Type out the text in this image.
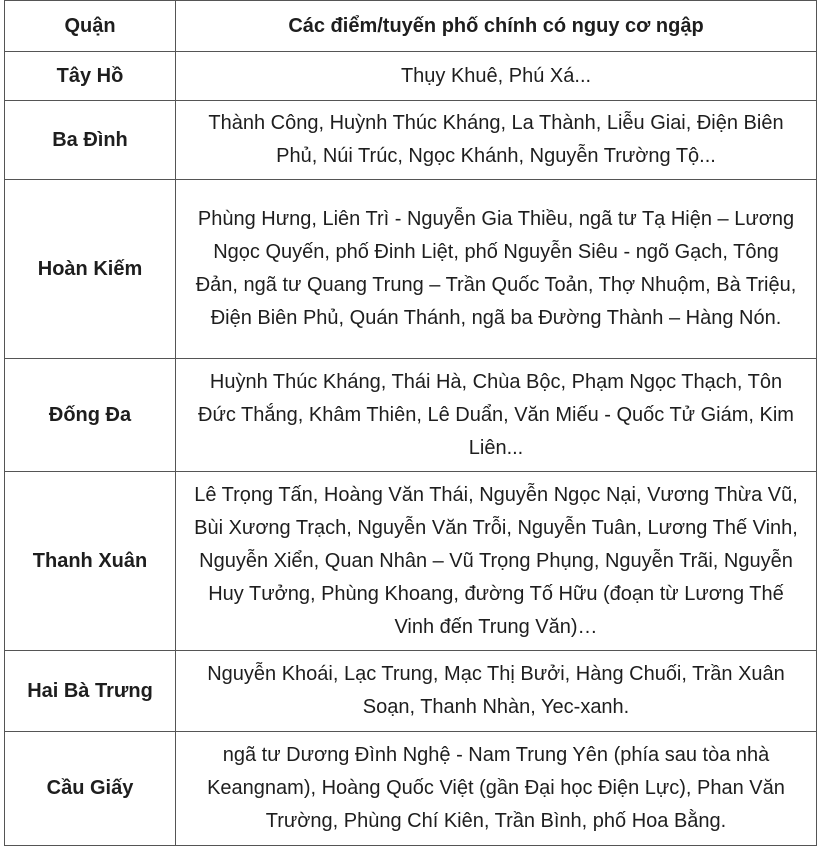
Quận	Các điểm/tuyến phố chính có nguy cơ ngập
Tây Hồ	Thụy Khuê, Phú Xá...
Ba Đình	Thành Công, Huỳnh Thúc Kháng, La Thành, Liễu Giai, Điện Biên Phủ, Núi Trúc, Ngọc Khánh, Nguyễn Trường Tộ...
Hoàn Kiếm	Phùng Hưng, Liên Trì - Nguyễn Gia Thiều, ngã tư Tạ Hiện – Lương Ngọc Quyến, phố Đinh Liệt, phố Nguyễn Siêu - ngõ Gạch, Tông Đản, ngã tư Quang Trung – Trần Quốc Toản, Thợ Nhuộm, Bà Triệu, Điện Biên Phủ, Quán Thánh, ngã ba Đường Thành – Hàng Nón.
Đống Đa	Huỳnh Thúc Kháng, Thái Hà, Chùa Bộc, Phạm Ngọc Thạch, Tôn Đức Thắng, Khâm Thiên, Lê Duẩn, Văn Miếu - Quốc Tử Giám, Kim Liên...
Thanh Xuân	Lê Trọng Tấn, Hoàng Văn Thái, Nguyễn Ngọc Nại, Vương Thừa Vũ, Bùi Xương Trạch, Nguyễn Văn Trỗi, Nguyễn Tuân, Lương Thế Vinh, Nguyễn Xiển, Quan Nhân – Vũ Trọng Phụng, Nguyễn Trãi, Nguyễn Huy Tưởng, Phùng Khoang, đường Tố Hữu (đoạn từ Lương Thế Vinh đến Trung Văn)…
Hai Bà Trưng	Nguyễn Khoái, Lạc Trung, Mạc Thị Bưởi, Hàng Chuối, Trần Xuân Soạn, Thanh Nhàn, Yec-xanh.
Cầu Giấy	ngã tư Dương Đình Nghệ - Nam Trung Yên (phía sau tòa nhà Keangnam), Hoàng Quốc Việt (gần Đại học Điện Lực), Phan Văn Trường, Phùng Chí Kiên, Trần Bình, phố Hoa Bằng.
